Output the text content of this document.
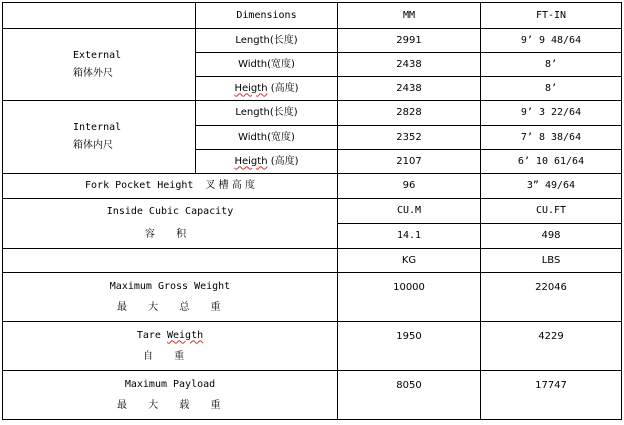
	Dimensions	MM	FT-IN

External
箱体外尺	Length(长度)	2991	9’ 9 48/64
	Width(宽度)	2438	8’
	Heigth (高度)	2438	8’

Internal
箱体内尺	Length(长度)	2828	9’ 3 22/64
	Width(宽度)	2352	7’ 8 38/64
	Heigth (高度)	2107	6’ 10 61/64
Fork Pocket Height 叉 槽 高 度		96	3” 49/64

Inside Cubic Capacity
容 积		CU.M	CU.FT
		14.1	498
		KG	LBS

Maximum Gross Weight
最 大 总 重		10000	22046

Tare Weigth
自 重		1950	4229

Maximum Payload
最 大 载 重		8050	17747
